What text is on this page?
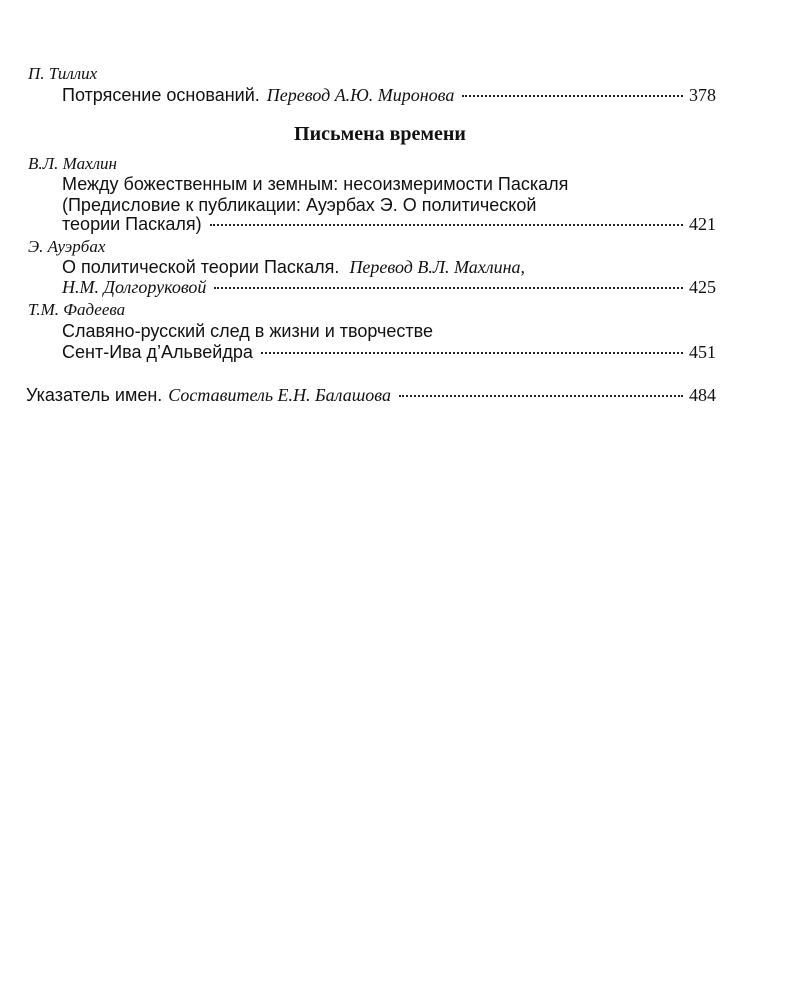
П. Тиллих
Потрясение оснований. Перевод А.Ю. Миронова	378
Письмена времени
В.Л. Махлин
Между божественным и земным: несоизмеримости Паскаля
(Предисловие к публикации: Ауэрбах Э. О политической
теории Паскаля)	421
Э. Ауэрбах
О политической теории Паскаля. Перевод В.Л. Махлина,
Н.М. Долгоруковой	425
Т.М. Фадеева
Славяно-русский след в жизни и творчестве
Сент-Ива д’Альвейдра	451
Указатель имен. Составитель Е.Н. Балашова	484
